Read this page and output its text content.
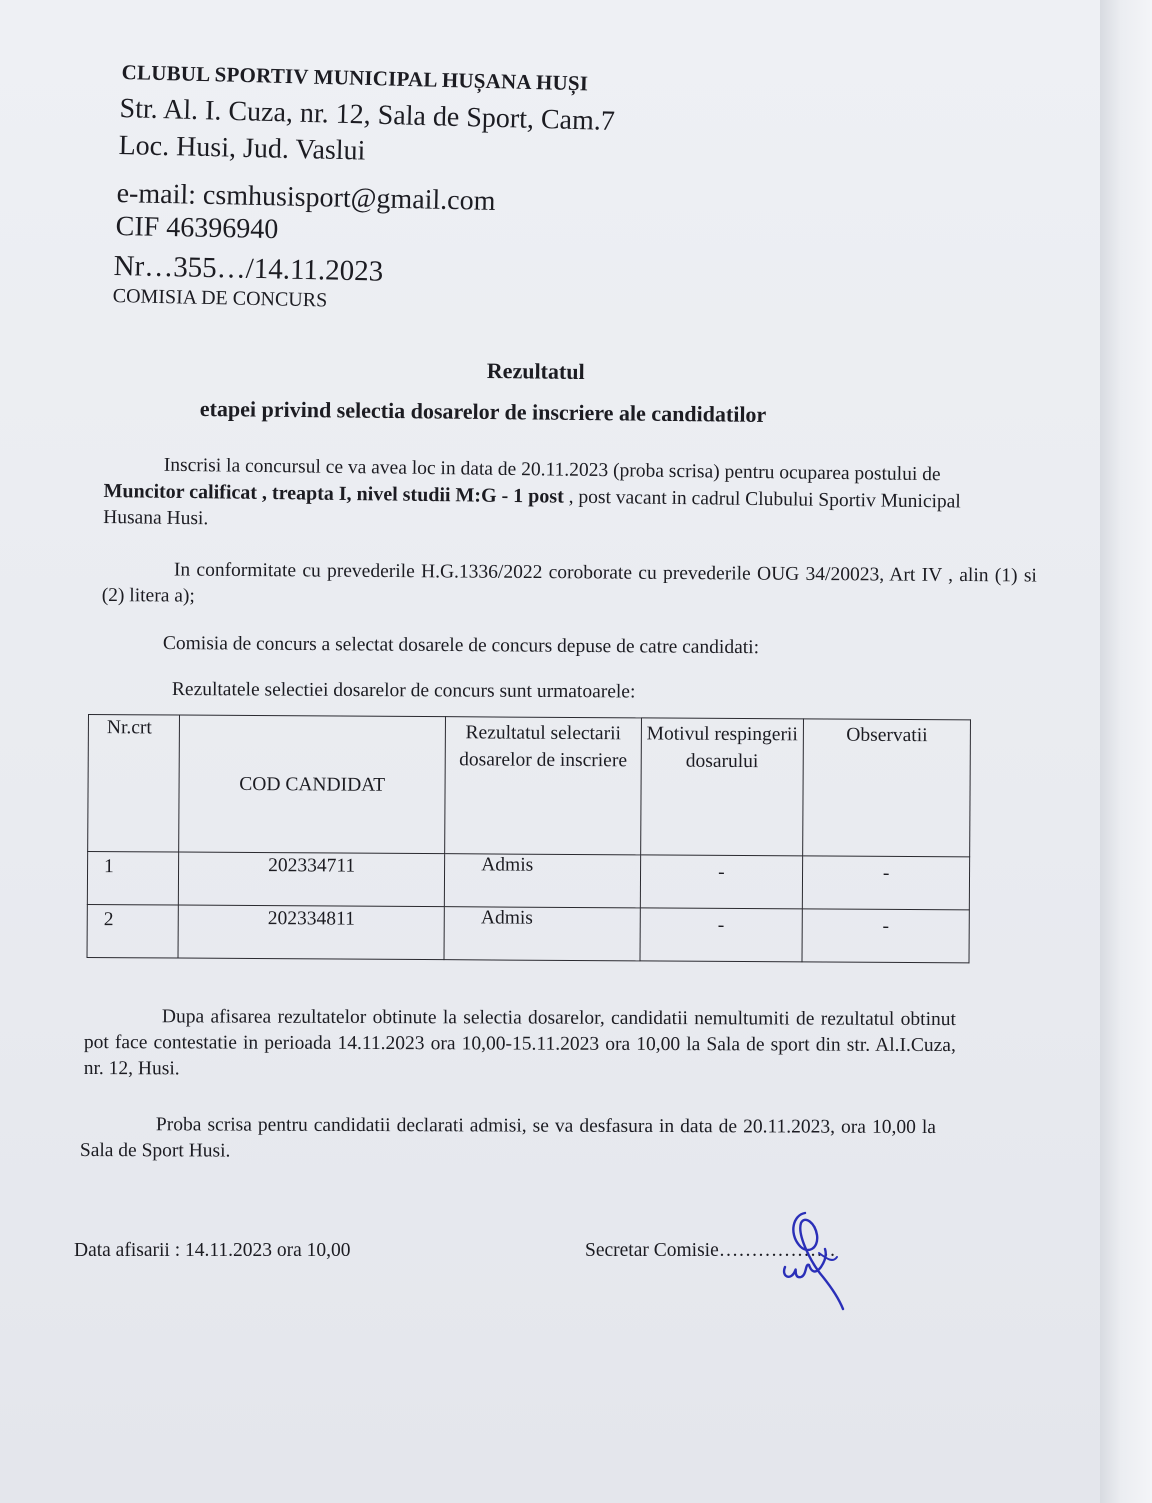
CLUBUL SPORTIV MUNICIPAL HUȘANA HUȘI
Str. Al. I. Cuza, nr. 12, Sala de Sport, Cam.7
Loc. Husi, Jud. Vaslui
e-mail: csmhusisport@gmail.com
CIF 46396940
Nr…355…/14.11.2023
COMISIA DE CONCURS
Rezultatul
etapei privind selectia dosarelor de inscriere ale candidatilor
Inscrisi la concursul ce va avea loc in data de 20.11.2023 (proba scrisa) pentru ocuparea postului de Muncitor calificat , treapta I, nivel studii M:G - 1 post , post vacant in cadrul Clubului Sportiv Municipal Husana Husi.
In conformitate cu prevederile H.G.1336/2022 coroborate cu prevederile OUG 34/20023, Art IV , alin (1) si (2) litera a);
Comisia de concurs a selectat dosarele de concurs depuse de catre candidati:
Rezultatele selectiei dosarelor de concurs sunt urmatoarele:
Nr.crt	COD CANDIDAT	Rezultatul selectarii dosarelor de inscriere	Motivul respingerii dosarului	Observatii
1	202334711	Admis	-	-
2	202334811	Admis	-	-
Dupa afisarea rezultatelor obtinute la selectia dosarelor, candidatii nemultumiti de rezultatul obtinut pot face contestatie in perioada 14.11.2023 ora 10,00-15.11.2023 ora 10,00 la Sala de sport din str. Al.I.Cuza, nr. 12, Husi.
Proba scrisa pentru candidatii declarati admisi, se va desfasura in data de 20.11.2023, ora 10,00 la Sala de Sport Husi.
Data afisarii : 14.11.2023 ora 10,00	Secretar Comisie………………
